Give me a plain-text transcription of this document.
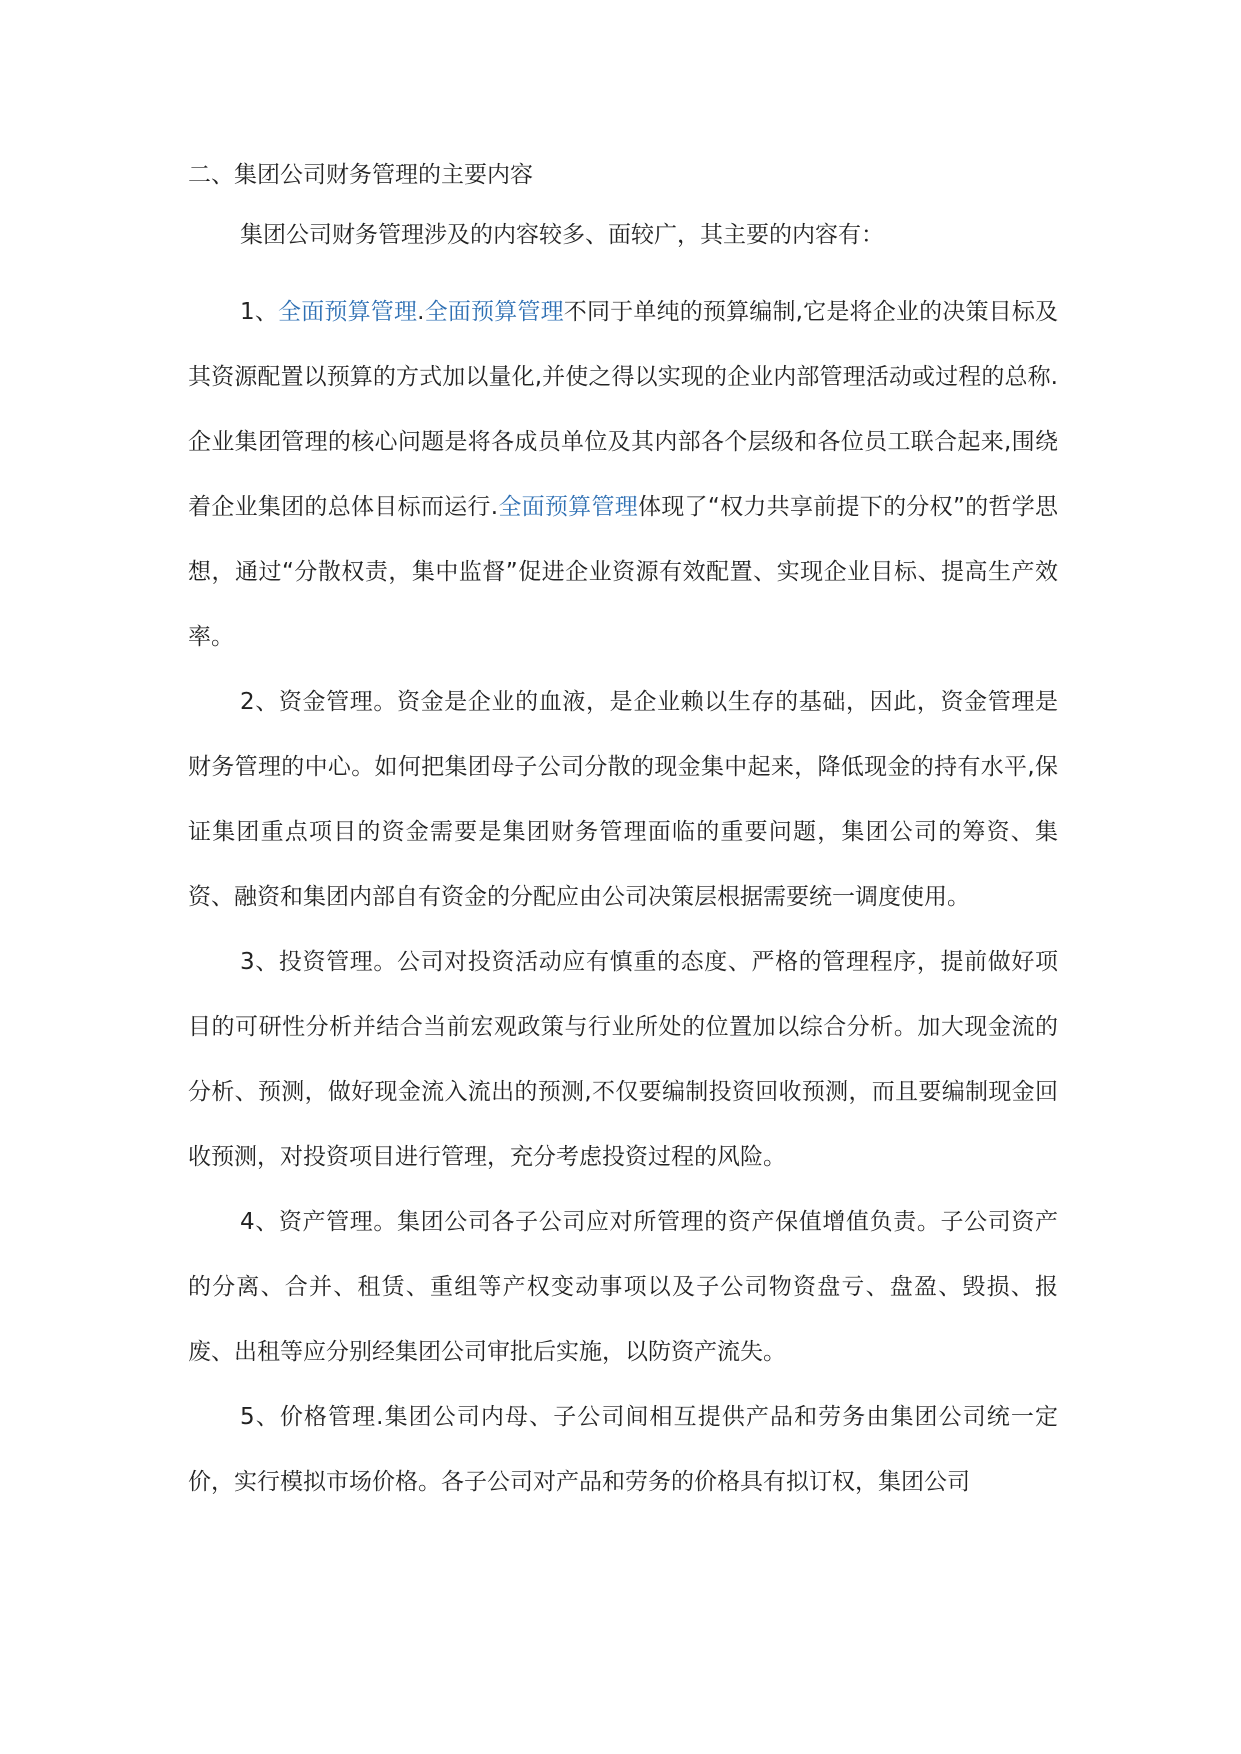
二、集团公司财务管理的主要内容

集团公司财务管理涉及的内容较多、面较广，其主要的内容有：

1、全面预算管理.全面预算管理不同于单纯的预算编制,它是将企业的决策目标及其资源配置以预算的方式加以量化,并使之得以实现的企业内部管理活动或过程的总称.企业集团管理的核心问题是将各成员单位及其内部各个层级和各位员工联合起来,围绕着企业集团的总体目标而运行.全面预算管理体现了“权力共享前提下的分权”的哲学思想，通过“分散权责，集中监督”促进企业资源有效配置、实现企业目标、提高生产效率。

2、资金管理。资金是企业的血液，是企业赖以生存的基础，因此，资金管理是财务管理的中心。如何把集团母子公司分散的现金集中起来，降低现金的持有水平,保证集团重点项目的资金需要是集团财务管理面临的重要问题，集团公司的筹资、集资、融资和集团内部自有资金的分配应由公司决策层根据需要统一调度使用。

3、投资管理。公司对投资活动应有慎重的态度、严格的管理程序，提前做好项目的可研性分析并结合当前宏观政策与行业所处的位置加以综合分析。加大现金流的分析、预测，做好现金流入流出的预测,不仅要编制投资回收预测，而且要编制现金回收预测，对投资项目进行管理，充分考虑投资过程的风险。

4、资产管理。集团公司各子公司应对所管理的资产保值增值负责。子公司资产的分离、合并、租赁、重组等产权变动事项以及子公司物资盘亏、盘盈、毁损、报废、出租等应分别经集团公司审批后实施，以防资产流失。

5、价格管理.集团公司内母、子公司间相互提供产品和劳务由集团公司统一定价，实行模拟市场价格。各子公司对产品和劳务的价格具有拟订权，集团公司
